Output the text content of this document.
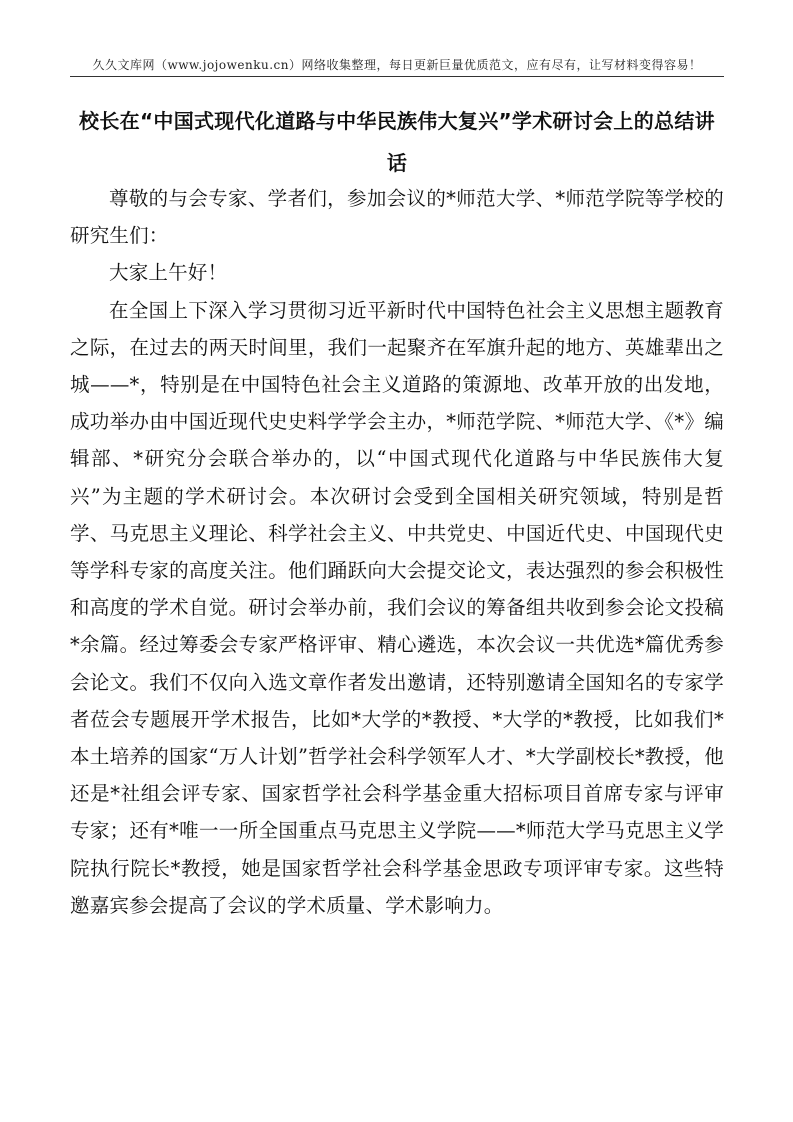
久久文库网（www.jojowenku.cn）网络收集整理，每日更新巨量优质范文，应有尽有，让写材料变得容易！
校长在“中国式现代化道路与中华民族伟大复兴”学术研讨会上的总结讲话

尊敬的与会专家、学者们，参加会议的*师范大学、*师范学院等学校的研究生们：

大家上午好！

在全国上下深入学习贯彻习近平新时代中国特色社会主义思想主题教育之际，在过去的两天时间里，我们一起聚齐在军旗升起的地方、英雄辈出之城——*，特别是在中国特色社会主义道路的策源地、改革开放的出发地，成功举办由中国近现代史史料学学会主办，*师范学院、*师范大学、《*》编辑部、*研究分会联合举办的，以“中国式现代化道路与中华民族伟大复兴”为主题的学术研讨会。本次研讨会受到全国相关研究领域，特别是哲学、马克思主义理论、科学社会主义、中共党史、中国近代史、中国现代史等学科专家的高度关注。他们踊跃向大会提交论文，表达强烈的参会积极性和高度的学术自觉。研讨会举办前，我们会议的筹备组共收到参会论文投稿*余篇。经过筹委会专家严格评审、精心遴选，本次会议一共优选*篇优秀参会论文。我们不仅向入选文章作者发出邀请，还特别邀请全国知名的专家学者莅会专题展开学术报告，比如*大学的*教授、*大学的*教授，比如我们*本土培养的国家“万人计划”哲学社会科学领军人才、*大学副校长*教授，他还是*社组会评专家、国家哲学社会科学基金重大招标项目首席专家与评审专家；还有*唯一一所全国重点马克思主义学院——*师范大学马克思主义学院执行院长*教授，她是国家哲学社会科学基金思政专项评审专家。这些特邀嘉宾参会提高了会议的学术质量、学术影响力。
